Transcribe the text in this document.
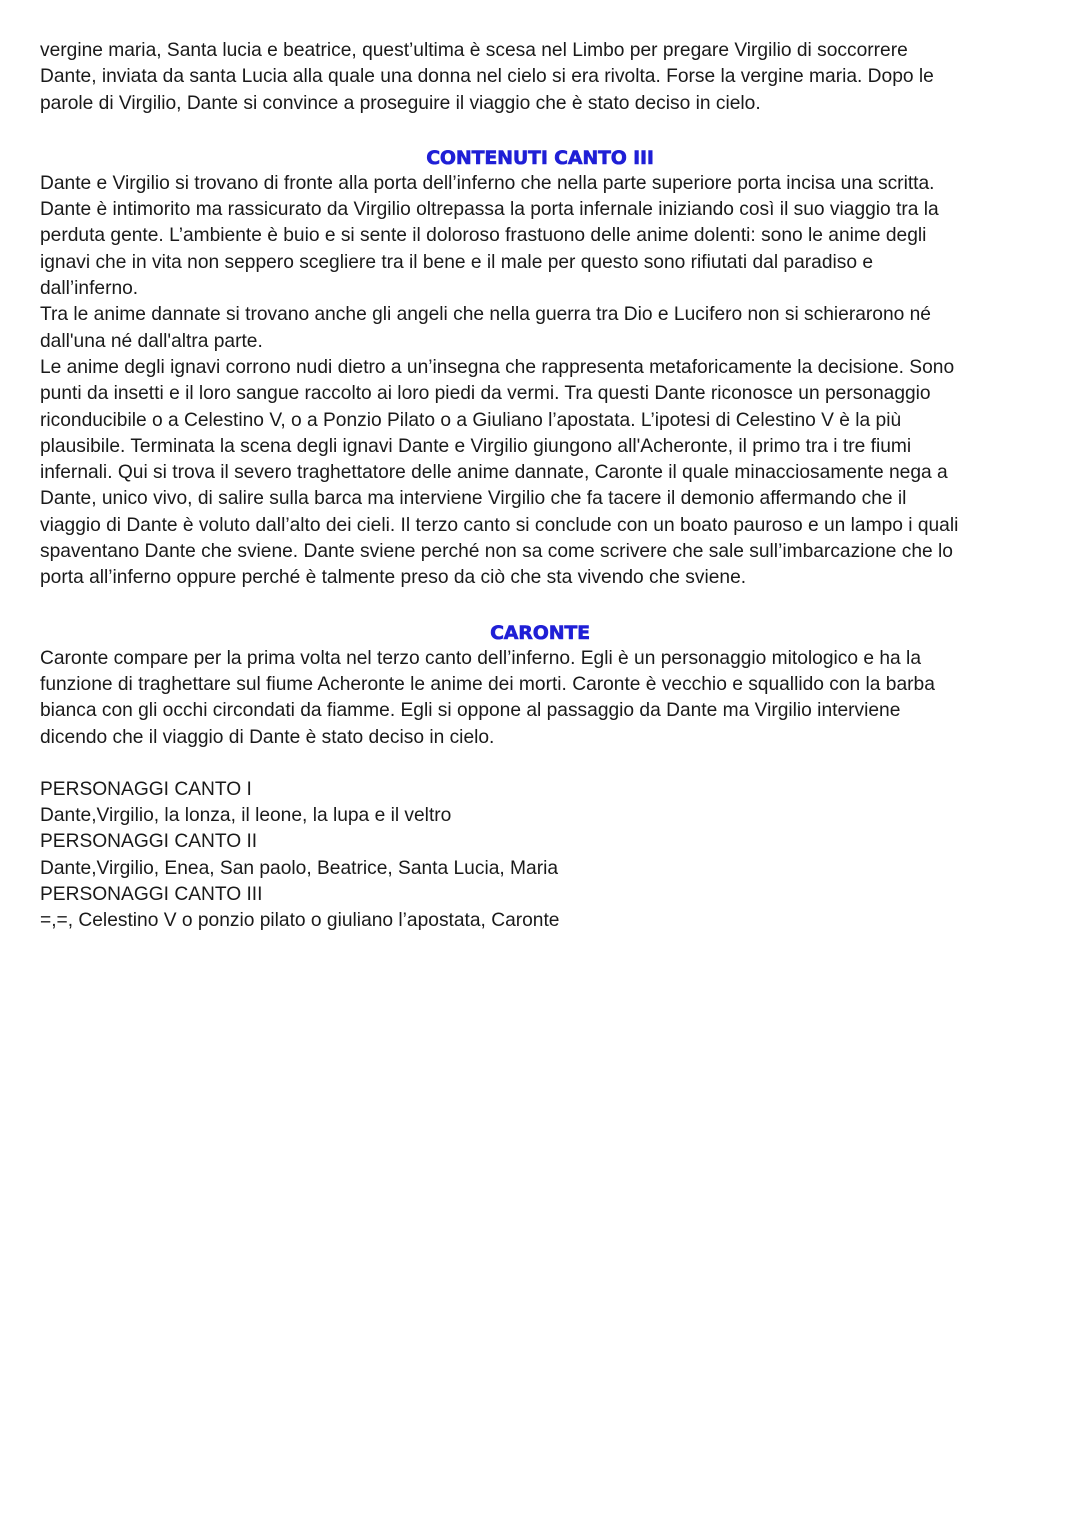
vergine maria, Santa lucia e beatrice, quest’ultima è scesa nel Limbo per pregare Virgilio di soccorrere
Dante, inviata da santa Lucia alla quale una donna nel cielo si era rivolta. Forse la vergine maria. Dopo le
parole di Virgilio, Dante si convince a proseguire il viaggio che è stato deciso in cielo.

CONTENUTI CANTO III

Dante e Virgilio si trovano di fronte alla porta dell’inferno che nella parte superiore porta incisa una scritta.
Dante è intimorito ma rassicurato da Virgilio oltrepassa la porta infernale iniziando così il suo viaggio tra la
perduta gente. L’ambiente è buio e si sente il doloroso frastuono delle anime dolenti: sono le anime degli
ignavi che in vita non seppero scegliere tra il bene e il male per questo sono rifiutati dal paradiso e
dall’inferno.
Tra le anime dannate si trovano anche gli angeli che nella guerra tra Dio e Lucifero non si schierarono né
dall'una né dall'altra parte.
Le anime degli ignavi corrono nudi dietro a un’insegna che rappresenta metaforicamente la decisione. Sono
punti da insetti e il loro sangue raccolto ai loro piedi da vermi. Tra questi Dante riconosce un personaggio
riconducibile o a Celestino V, o a Ponzio Pilato o a Giuliano l’apostata. L’ipotesi di Celestino V è la più
plausibile. Terminata la scena degli ignavi Dante e Virgilio giungono all'Acheronte, il primo tra i tre fiumi
infernali. Qui si trova il severo traghettatore delle anime dannate, Caronte il quale minacciosamente nega a
Dante, unico vivo, di salire sulla barca ma interviene Virgilio che fa tacere il demonio affermando che il
viaggio di Dante è voluto dall’alto dei cieli. Il terzo canto si conclude con un boato pauroso e un lampo i quali
spaventano Dante che sviene. Dante sviene perché non sa come scrivere che sale sull’imbarcazione che lo
porta all’inferno oppure perché è talmente preso da ciò che sta vivendo che sviene.

CARONTE

Caronte compare per la prima volta nel terzo canto dell’inferno. Egli è un personaggio mitologico e ha la
funzione di traghettare sul fiume Acheronte le anime dei morti. Caronte è vecchio e squallido con la barba
bianca con gli occhi circondati da fiamme. Egli si oppone al passaggio da Dante ma Virgilio interviene
dicendo che il viaggio di Dante è stato deciso in cielo.

PERSONAGGI CANTO I
Dante,Virgilio, la lonza, il leone, la lupa e il veltro
PERSONAGGI CANTO II
Dante,Virgilio, Enea, San paolo, Beatrice, Santa Lucia, Maria
PERSONAGGI CANTO III
=,=, Celestino V o ponzio pilato o giuliano l’apostata, Caronte
